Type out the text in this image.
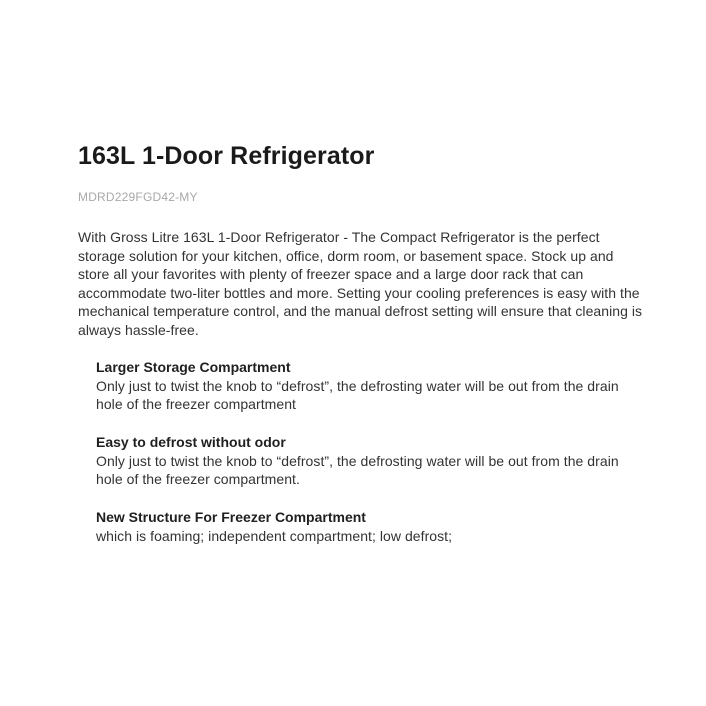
163L 1-Door Refrigerator
MDRD229FGD42-MY
With Gross Litre 163L 1-Door Refrigerator - The Compact Refrigerator is the perfect storage solution for your kitchen, office, dorm room, or basement space. Stock up and store all your favorites with plenty of freezer space and a large door rack that can accommodate two-liter bottles and more. Setting your cooling preferences is easy with the mechanical temperature control, and the manual defrost setting will ensure that cleaning is always hassle-free.
Larger Storage Compartment
Only just to twist the knob to “defrost”, the defrosting water will be out from the drain hole of the freezer compartment
Easy to defrost without odor
Only just to twist the knob to “defrost”, the defrosting water will be out from the drain hole of the freezer compartment.
New Structure For Freezer Compartment
which is foaming; independent compartment; low defrost;
